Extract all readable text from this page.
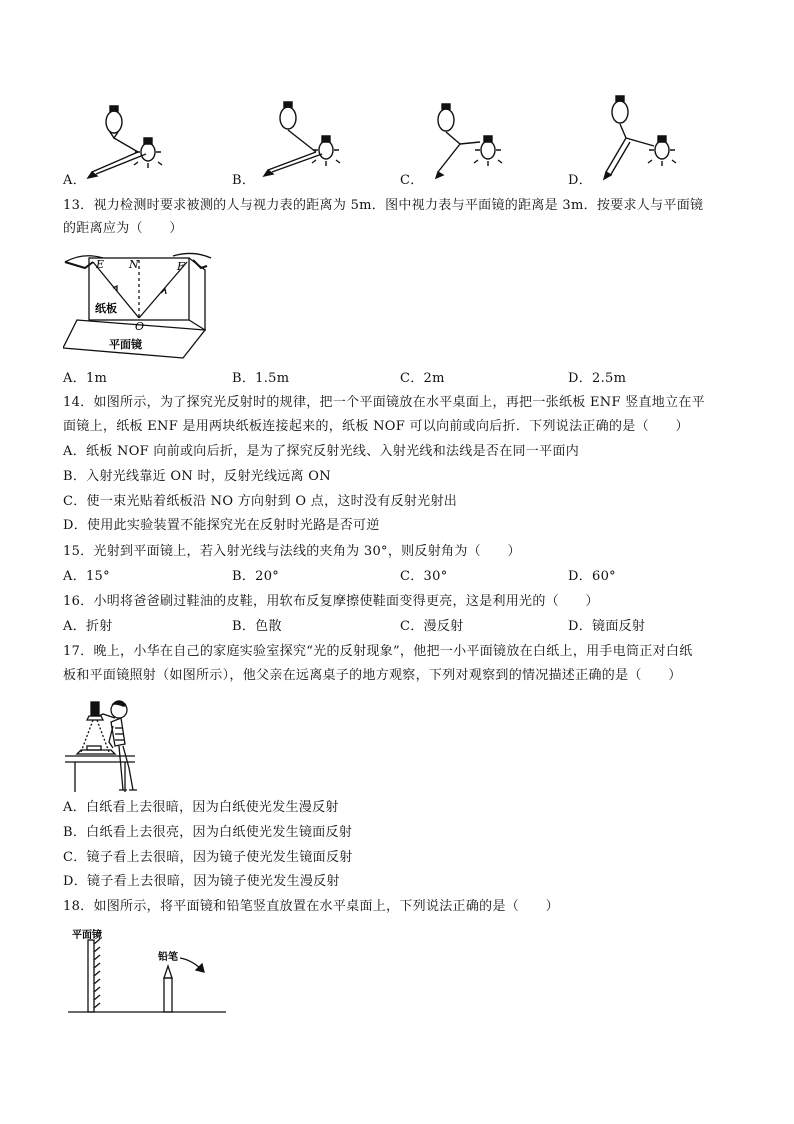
A．	B．	C．	D．
13．视力检测时要求被测的人与视力表的距离为 5m．图中视力表与平面镜的距离是 3m．按要求人与平面镜
的距离应为（　　）
E N	F
O
纸板
平面镜
A．1m	B．1.5m	C．2m	D．2.5m
14．如图所示，为了探究光反射时的规律，把一个平面镜放在水平桌面上，再把一张纸板 ENF 竖直地立在平
面镜上，纸板 ENF 是用两块纸板连接起来的，纸板 NOF 可以向前或向后折．下列说法正确的是（　　）
A．纸板 NOF 向前或向后折，是为了探究反射光线、入射光线和法线是否在同一平面内
B．入射光线靠近 ON 时，反射光线远离 ON
C．使一束光贴着纸板沿 NO 方向射到 O 点，这时没有反射光射出
D．使用此实验装置不能探究光在反射时光路是否可逆
15．光射到平面镜上，若入射光线与法线的夹角为 30°，则反射角为（　　）
A．15°	B．20°	C．30°	D．60°
16．小明将爸爸刷过鞋油的皮鞋，用软布反复摩擦使鞋面变得更亮，这是利用光的（　　）
A．折射	B．色散	C．漫反射	D．镜面反射
17．晚上，小华在自己的家庭实验室探究“光的反射现象”，他把一小平面镜放在白纸上，用手电筒正对白纸
板和平面镜照射（如图所示），他父亲在远离桌子的地方观察，下列对观察到的情况描述正确的是（　　）
A．白纸看上去很暗，因为白纸使光发生漫反射
B．白纸看上去很亮，因为白纸使光发生镜面反射
C．镜子看上去很暗，因为镜子使光发生镜面反射
D．镜子看上去很暗，因为镜子使光发生漫反射
18．如图所示，将平面镜和铅笔竖直放置在水平桌面上，下列说法正确的是（　　）
平面镜
铅笔
